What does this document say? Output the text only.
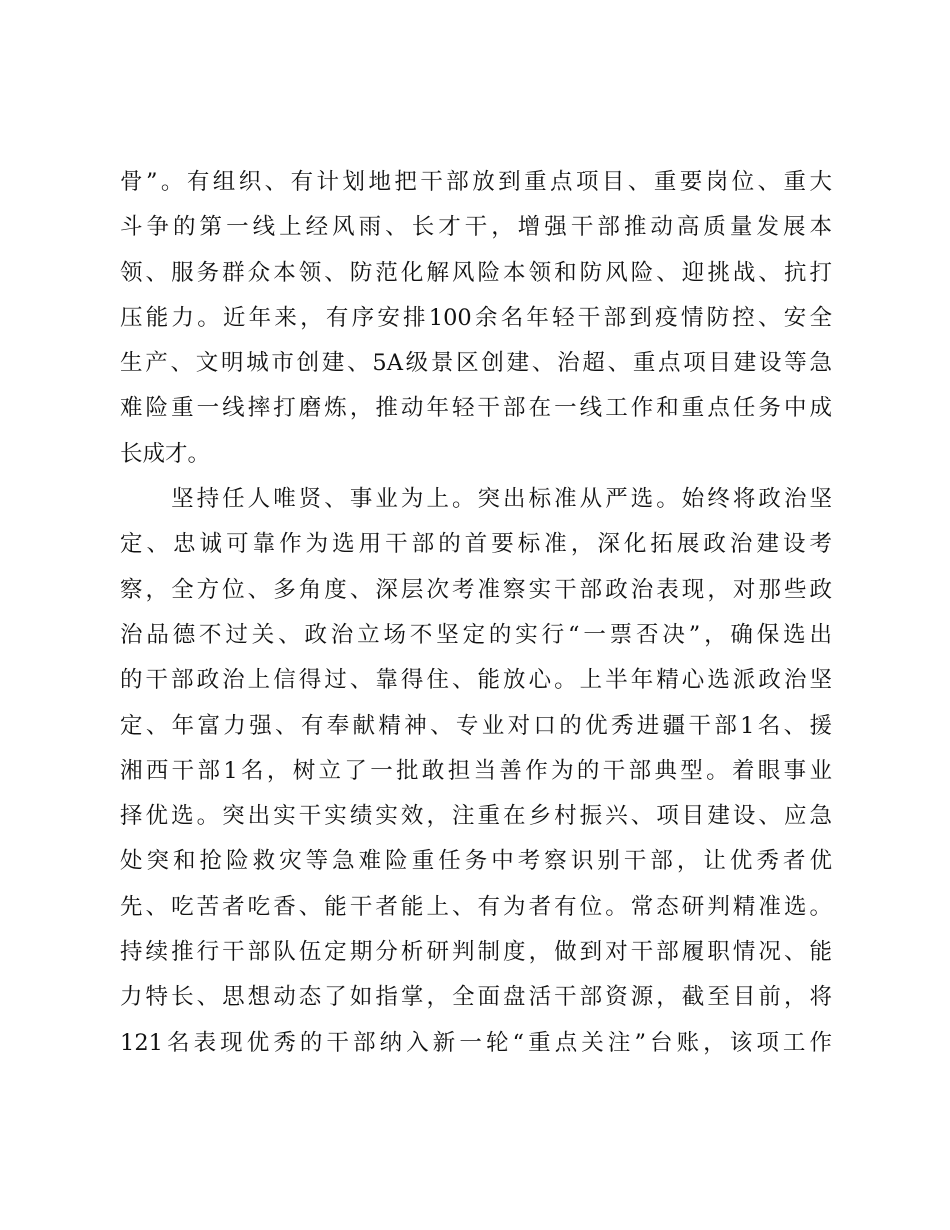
骨”。有组织、有计划地把干部放到重点项目、重要岗位、重大
斗争的第一线上经风雨、长才干，增强干部推动高质量发展本
领、服务群众本领、防范化解风险本领和防风险、迎挑战、抗打
压能力。近年来，有序安排100余名年轻干部到疫情防控、安全
生产、文明城市创建、5A级景区创建、治超、重点项目建设等急
难险重一线摔打磨炼，推动年轻干部在一线工作和重点任务中成
长成才。
　　坚持任人唯贤、事业为上。突出标准从严选。始终将政治坚
定、忠诚可靠作为选用干部的首要标准，深化拓展政治建设考
察，全方位、多角度、深层次考准察实干部政治表现，对那些政
治品德不过关、政治立场不坚定的实行“一票否决”，确保选出
的干部政治上信得过、靠得住、能放心。上半年精心选派政治坚
定、年富力强、有奉献精神、专业对口的优秀进疆干部1名、援
湘西干部1名，树立了一批敢担当善作为的干部典型。着眼事业
择优选。突出实干实绩实效，注重在乡村振兴、项目建设、应急
处突和抢险救灾等急难险重任务中考察识别干部，让优秀者优
先、吃苦者吃香、能干者能上、有为者有位。常态研判精准选。
持续推行干部队伍定期分析研判制度，做到对干部履职情况、能
力特长、思想动态了如指掌，全面盘活干部资源，截至目前，将
121名表现优秀的干部纳入新一轮“重点关注”台账，该项工作
